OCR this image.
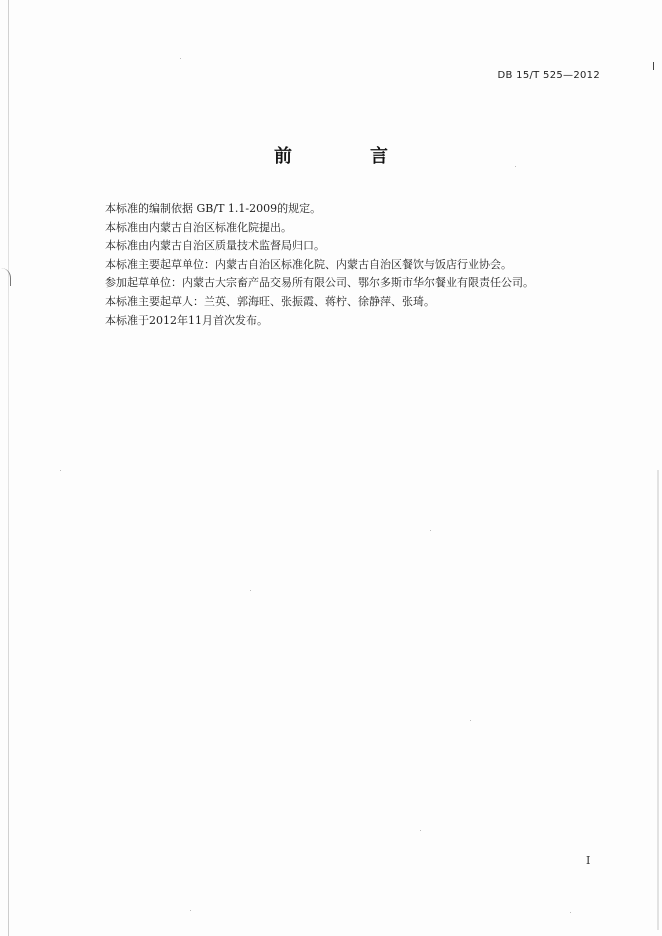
DB 15/T 525—2012
前　言
本标准的编制依据 GB/T 1.1-2009的规定。
本标准由内蒙古自治区标准化院提出。
本标准由内蒙古自治区质量技术监督局归口。
本标准主要起草单位：内蒙古自治区标准化院、内蒙古自治区餐饮与饭店行业协会。
参加起草单位：内蒙古大宗畜产品交易所有限公司、鄂尔多斯市华尔餐业有限责任公司。
本标准主要起草人：兰英、郭海旺、张振霞、蒋柠、徐静萍、张琦。
本标准于2012年11月首次发布。
I
